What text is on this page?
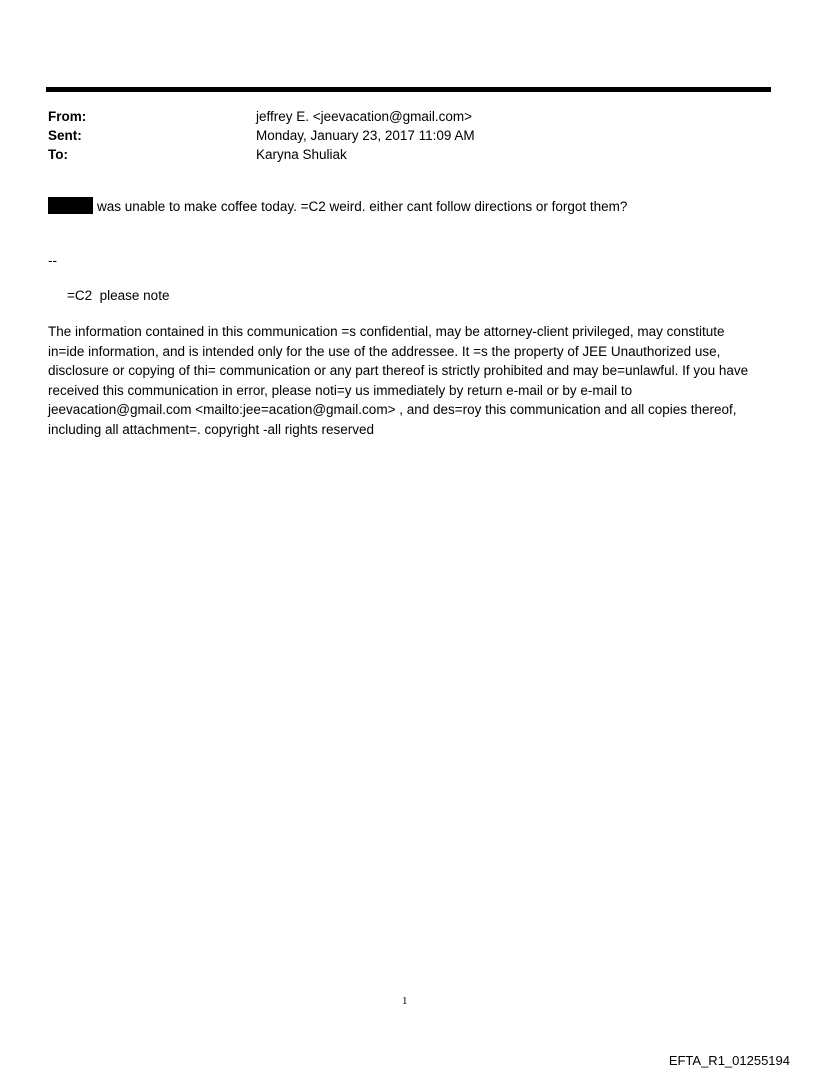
From:	jeffrey E. <jeevacation@gmail.com>
Sent:	Monday, January 23, 2017 11:09 AM
To:	Karyna Shuliak
was unable to make coffee today. =C2 weird. either cant follow directions or forgot them?
--
=C2  please note
The information contained in this communication =s confidential, may be attorney-client privileged, may constitute in=ide information, and is intended only for the use of the addressee. It =s the property of JEE Unauthorized use, disclosure or copying of thi= communication or any part thereof is strictly prohibited and may be=unlawful. If you have received this communication in error, please noti=y us immediately by return e-mail or by e-mail to jeevacation@gmail.com <mailto:jee=acation@gmail.com> , and des=roy this communication and all copies thereof, including all attachment=. copyright -all rights reserved
1
EFTA_R1_01255194
